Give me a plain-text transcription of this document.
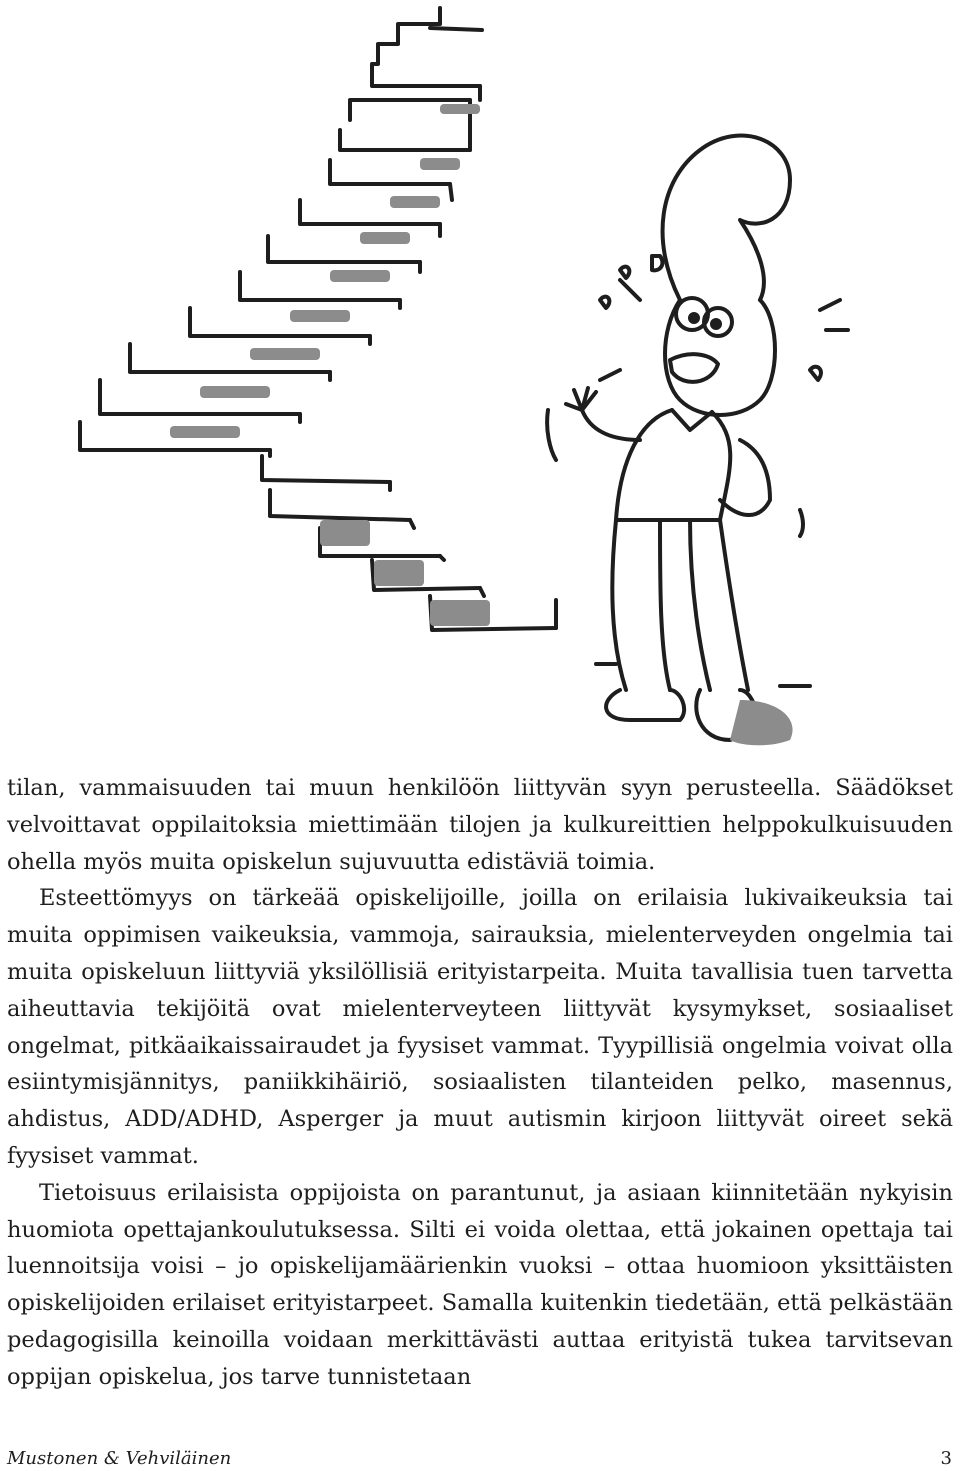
tilan, vammaisuuden tai muun henkilöön liittyvän syyn perusteella. Säädökset velvoittavat oppilaitoksia miettimään tilojen ja kulkureittien helppokulkuisuuden ohella myös muita opiskelun sujuvuutta edistäviä toimia.

Esteettömyys on tärkeää opiskelijoille, joilla on erilaisia lukivaikeuksia tai muita oppimisen vaikeuksia, vammoja, sairauksia, mielenterveyden ongelmia tai muita opiskeluun liittyviä yksilöllisiä erityistarpeita. Muita tavallisia tuen tarvetta aiheuttavia tekijöitä ovat mielenterveyteen liittyvät kysymykset, sosiaaliset ongelmat, pitkäaikaissairaudet ja fyysiset vammat. Tyypillisiä ongelmia voivat olla esiintymisjännitys, paniikkihäiriö, sosiaalisten tilanteiden pelko, masennus, ahdistus, ADD/ADHD, Asperger ja muut autismin kirjoon liittyvät oireet sekä fyysiset vammat.

Tietoisuus erilaisista oppijoista on parantunut, ja asiaan kiinnitetään nykyisin huomiota opettajankoulutuksessa. Silti ei voida olettaa, että jokainen opettaja tai luennoitsija voisi – jo opiskelijamäärienkin vuoksi – ottaa huomioon yksittäisten opiskelijoiden erilaiset erityistarpeet. Samalla kuitenkin tiedetään, että pelkästään pedagogisilla keinoilla voidaan merkittävästi auttaa erityistä tukea tarvitsevan oppijan opiskelua, jos tarve tunnistetaan

Mustonen & Vehviläinen	3
